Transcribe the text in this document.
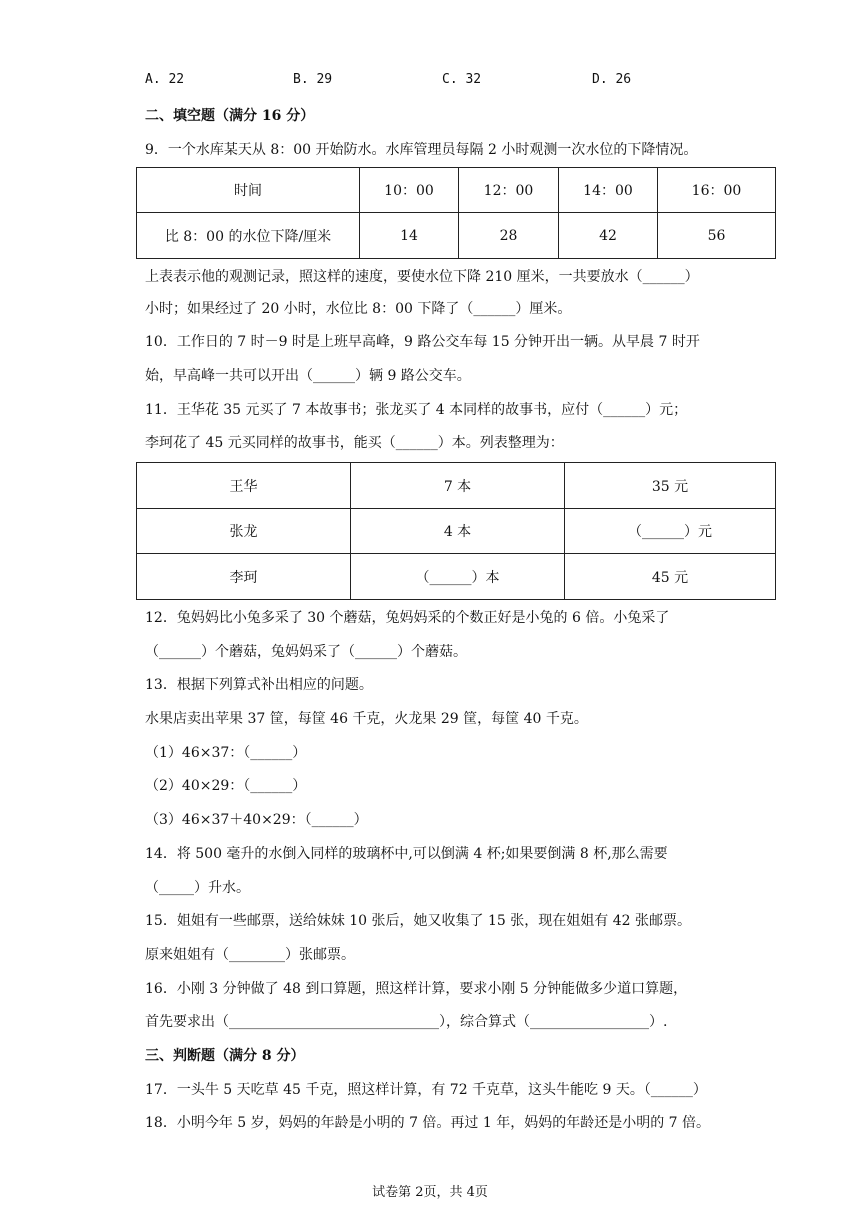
A. 22	B. 29	C. 32	D. 26
二、填空题（满分 16 分）
9．一个水库某天从 8：00 开始防水。水库管理员每隔 2 小时观测一次水位的下降情况。
时间	10：00	12：00	14：00	16：00
比 8：00 的水位下降/厘米	14	28	42	56
上表表示他的观测记录，照这样的速度，要使水位下降 210 厘米，一共要放水（______）
小时；如果经过了 20 小时，水位比 8：00 下降了（______）厘米。
10．工作日的 7 时－9 时是上班早高峰，9 路公交车每 15 分钟开出一辆。从早晨 7 时开
始，早高峰一共可以开出（______）辆 9 路公交车。
11．王华花 35 元买了 7 本故事书；张龙买了 4 本同样的故事书，应付（______）元；
李珂花了 45 元买同样的故事书，能买（______）本。列表整理为：
王华	7 本	35 元
张龙	4 本	（______）元
李珂	（______）本	45 元
12．兔妈妈比小兔多采了 30 个蘑菇，兔妈妈采的个数正好是小兔的 6 倍。小兔采了
（______）个蘑菇，兔妈妈采了（______）个蘑菇。
13．根据下列算式补出相应的问题。
水果店卖出苹果 37 筐，每筐 46 千克，火龙果 29 筐，每筐 40 千克。
（1）46×37：（______）
（2）40×29：（______）
（3）46×37＋40×29：（______）
14．将 500 毫升的水倒入同样的玻璃杯中,可以倒满 4 杯;如果要倒满 8 杯,那么需要
（_____）升水。
15．姐姐有一些邮票，送给妹妹 10 张后，她又收集了 15 张，现在姐姐有 42 张邮票。
原来姐姐有（________）张邮票。
16．小刚 3 分钟做了 48 到口算题，照这样计算，要求小刚 5 分钟能做多少道口算题，
首先要求出（______________________________），综合算式（_________________）.
三、判断题（满分 8 分）
17．一头牛 5 天吃草 45 千克，照这样计算，有 72 千克草，这头牛能吃 9 天。（______）
18．小明今年 5 岁，妈妈的年龄是小明的 7 倍。再过 1 年，妈妈的年龄还是小明的 7 倍。
试卷第 2页，共 4页
